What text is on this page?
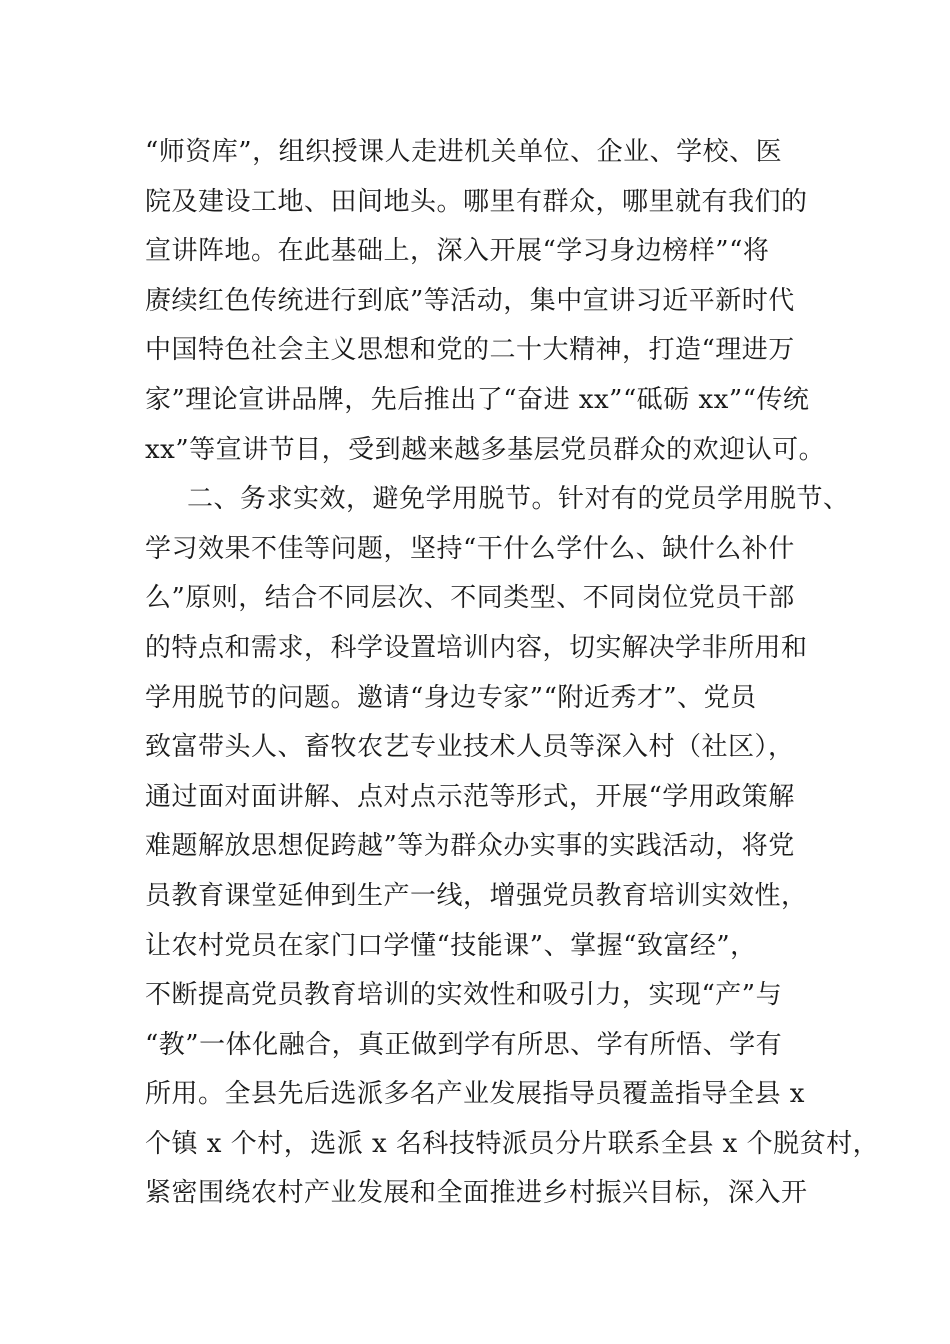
“师资库”，组织授课人走进机关单位、企业、学校、医
院及建设工地、田间地头。哪里有群众，哪里就有我们的
宣讲阵地。在此基础上，深入开展“学习身边榜样”“将
赓续红色传统进行到底”等活动，集中宣讲习近平新时代
中国特色社会主义思想和党的二十大精神，打造“理进万
家”理论宣讲品牌，先后推出了“奋进 xx”“砥砺 xx”“传统
xx”等宣讲节目，受到越来越多基层党员群众的欢迎认可。
二、务求实效，避免学用脱节。针对有的党员学用脱节、
学习效果不佳等问题，坚持“干什么学什么、缺什么补什
么”原则，结合不同层次、不同类型、不同岗位党员干部
的特点和需求，科学设置培训内容，切实解决学非所用和
学用脱节的问题。邀请“身边专家”“附近秀才”、党员
致富带头人、畜牧农艺专业技术人员等深入村（社区），
通过面对面讲解、点对点示范等形式，开展“学用政策解
难题解放思想促跨越”等为群众办实事的实践活动，将党
员教育课堂延伸到生产一线，增强党员教育培训实效性，
让农村党员在家门口学懂“技能课”、掌握“致富经”，
不断提高党员教育培训的实效性和吸引力，实现“产”与
“教”一体化融合，真正做到学有所思、学有所悟、学有
所用。全县先后选派多名产业发展指导员覆盖指导全县 x
个镇 x 个村，选派 x 名科技特派员分片联系全县 x 个脱贫村，
紧密围绕农村产业发展和全面推进乡村振兴目标，深入开
